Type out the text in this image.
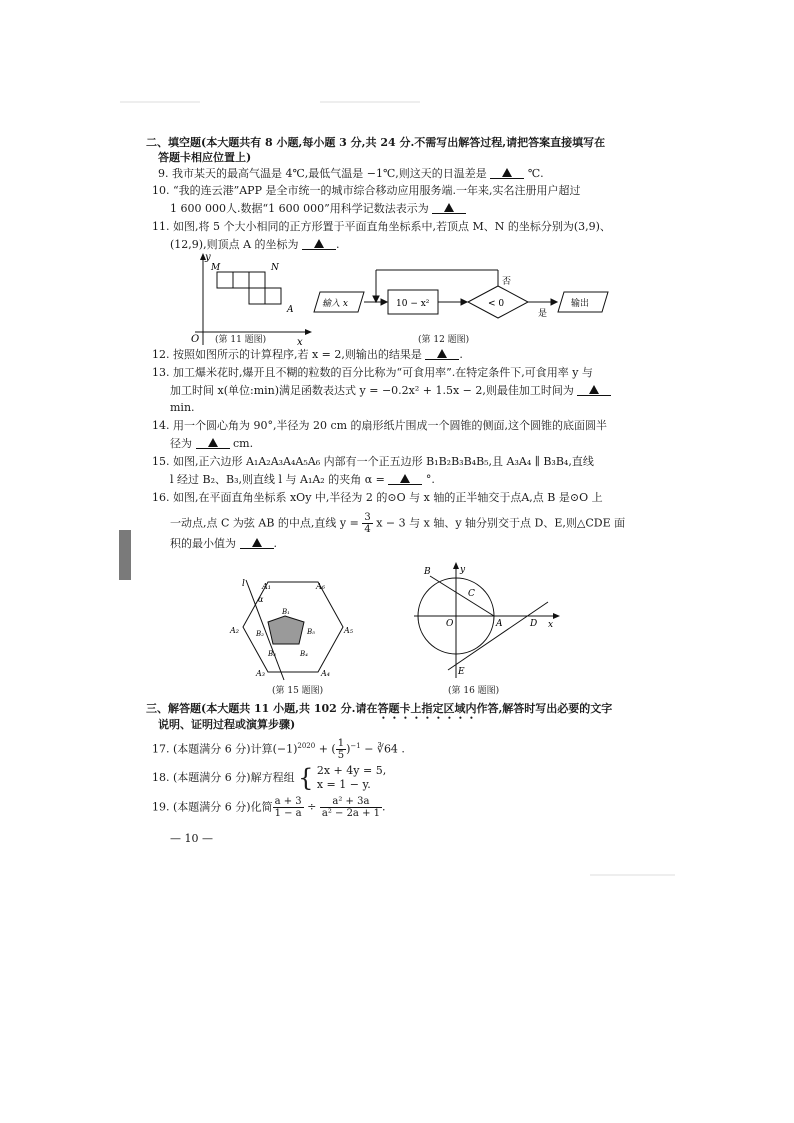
二、填空题(本大题共有 8 小题,每小题 3 分,共 24 分.不需写出解答过程,请把答案直接填写在
答题卡相应位置上)
9. 我市某天的最高气温是 4℃,最低气温是 −1℃,则这天的日温差是	℃.
10. “我的连云港”APP 是全市统一的城市综合移动应用服务端.一年来,实名注册用户超过
1 600 000人.数据“1 600 000”用科学记数法表示为
11. 如图,将 5 个大小相同的正方形置于平面直角坐标系中,若顶点 M、N 的坐标分别为(3,9)、
(12,9),则顶点 A 的坐标为	.
y
x
O
M	N
A
(第 11 题图)
输入 x	10 − x²	< 0	输出
否
是
(第 12 题图)
12. 按照如图所示的计算程序,若 x = 2,则输出的结果是	.
13. 加工爆米花时,爆开且不糊的粒数的百分比称为“可食用率”.在特定条件下,可食用率 y 与
加工时间 x(单位:min)满足函数表达式 y = −0.2x² + 1.5x − 2,则最佳加工时间为
min.
14. 用一个圆心角为 90°,半径为 20 cm 的扇形纸片围成一个圆锥的侧面,这个圆锥的底面圆半
径为	cm.
15. 如图,正六边形 A₁A₂A₃A₄A₅A₆ 内部有一个正五边形 B₁B₂B₃B₄B₅,且 A₃A₄ ∥ B₃B₄,直线
l 经过 B₂、B₃,则直线 l 与 A₁A₂ 的夹角 α =	°.
16. 如图,在平面直角坐标系 xOy 中,半径为 2 的⊙O 与 x 轴的正半轴交于点A,点 B 是⊙O 上
一动点,点 C 为弦 AB 的中点,直线 $y = \frac{3}{4}$ x − 3 与 x 轴、y 轴分别交于点 D、E,则△CDE 面
积的最小值为	.
l
α
A₁
A₂
A₃	A₄
A₅
A₆
B₁
B₂
B₃	B₄
B₅
(第 15 题图)
y
x
O	A
B
C
D
E
(第 16 题图)
三、解答题(本大题共 11 小题,共 102 分.请在答题卡上指定区域内作答,解答时写出必要的文字
说明、证明过程或演算步骤)
17. (本题满分 6 分)计算$(-1)^{2020}$ + ( $\frac{1}{5} )^{-1}$ − ∛64 .
18. (本题满分 6 分)解方程组 { 2x + 4y = 5,
x = 1 − y.
19. (本题满分 6 分)化简 $\frac{a + 3}{1 - a} \div \frac{\text{a² + 3a}}{\text{a² − 2a + 1}}$ .
— 10 —
